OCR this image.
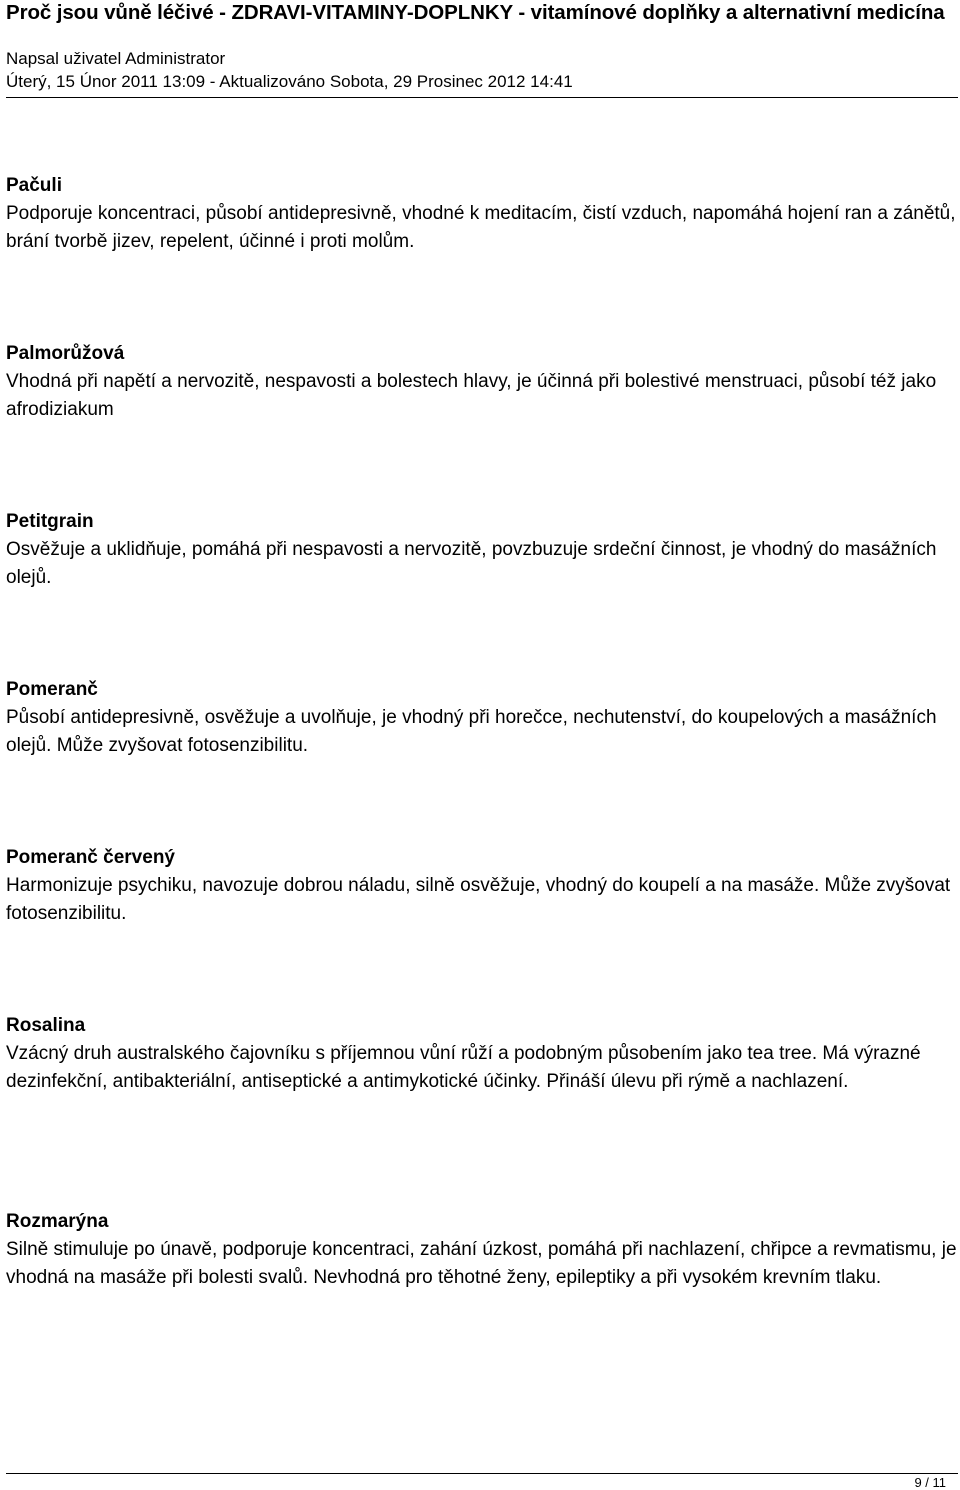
Proč jsou vůně léčivé - ZDRAVI-VITAMINY-DOPLNKY - vitamínové doplňky a alternativní medicína
Napsal uživatel Administrator
Úterý, 15 Únor 2011 13:09 - Aktualizováno Sobota, 29 Prosinec 2012 14:41
Pačuli

Podporuje koncentraci, působí antidepresivně, vhodné k meditacím, čistí vzduch, napomáhá hojení ran a zánětů, brání tvorbě jizev, repelent, účinné i proti molům.

Palmorůžová

Vhodná při napětí a nervozitě, nespavosti a bolestech hlavy, je účinná při bolestivé menstruaci, působí též jako afrodiziakum

Petitgrain

Osvěžuje a uklidňuje, pomáhá při nespavosti a nervozitě, povzbuzuje srdeční činnost, je vhodný do masážních olejů.

Pomeranč

Působí antidepresivně, osvěžuje a uvolňuje, je vhodný při horečce, nechutenství, do koupelových a masážních olejů. Může zvyšovat fotosenzibilitu.

Pomeranč červený

Harmonizuje psychiku, navozuje dobrou náladu, silně osvěžuje, vhodný do koupelí a na masáže. Může zvyšovat fotosenzibilitu.

Rosalina

Vzácný druh australského čajovníku s příjemnou vůní růží a podobným působením jako tea tree. Má výrazné dezinfekční, antibakteriální, antiseptické a antimykotické účinky. Přináší úlevu při rýmě a nachlazení.

Rozmarýna

Silně stimuluje po únavě, podporuje koncentraci, zahání úzkost, pomáhá při nachlazení, chřipce a revmatismu, je vhodná na masáže při bolesti svalů. Nevhodná pro těhotné ženy, epileptiky a při vysokém krevním tlaku.

9 / 11
